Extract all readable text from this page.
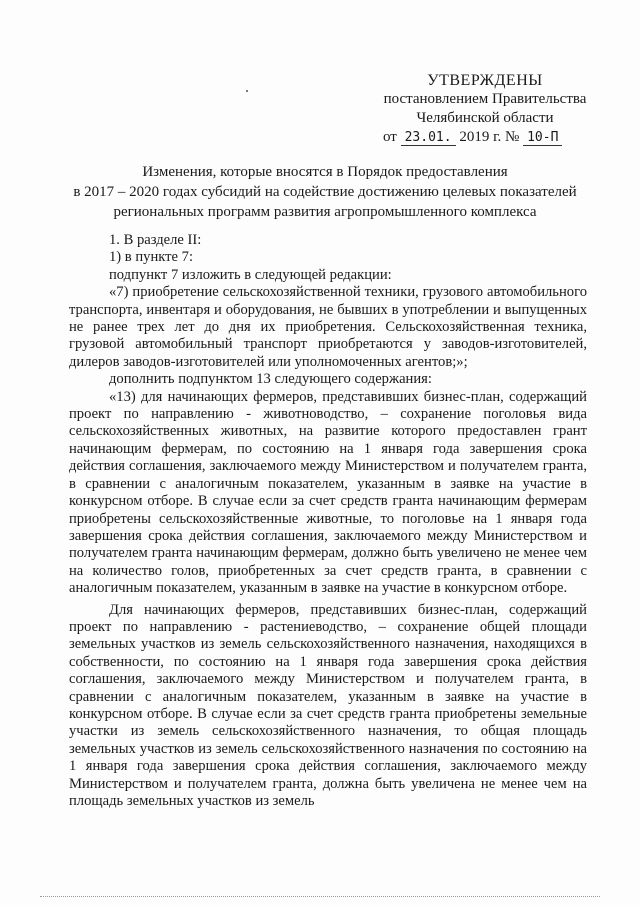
УТВЕРЖДЕНЫ
постановлением Правительства
Челябинской области
от 23.01. 2019 г. № 10-П
Изменения, которые вносятся в Порядок предоставления
в 2017 – 2020 годах субсидий на содействие достижению целевых показателей
региональных программ развития агропромышленного комплекса

1. В разделе II:

1) в пункте 7:

подпункт 7 изложить в следующей редакции:

«7) приобретение сельскохозяйственной техники, грузового автомобильного транспорта, инвентаря и оборудования, не бывших в употреблении и выпущенных не ранее трех лет до дня их приобретения. Сельскохозяйственная техника, грузовой автомобильный транспорт приобретаются у заводов-изготовителей, дилеров заводов-изготовителей или уполномоченных агентов;»;

дополнить подпунктом 13 следующего содержания:

«13) для начинающих фермеров, представивших бизнес-план, содержащий проект по направлению - животноводство, – сохранение поголовья вида сельскохозяйственных животных, на развитие которого предоставлен грант начинающим фермерам, по состоянию на 1 января года завершения срока действия соглашения, заключаемого между Министерством и получателем гранта, в сравнении с аналогичным показателем, указанным в заявке на участие в конкурсном отборе. В случае если за счет средств гранта начинающим фермерам приобретены сельскохозяйственные животные, то поголовье на 1 января года завершения срока действия соглашения, заключаемого между Министерством и получателем гранта начинающим фермерам, должно быть увеличено не менее чем на количество голов, приобретенных за счет средств гранта, в сравнении с аналогичным показателем, указанным в заявке на участие в конкурсном отборе.

Для начинающих фермеров, представивших бизнес-план, содержащий проект по направлению - растениеводство, – сохранение общей площади земельных участков из земель сельскохозяйственного назначения, находящихся в собственности, по состоянию на 1 января года завершения срока действия соглашения, заключаемого между Министерством и получателем гранта, в сравнении с аналогичным показателем, указанным в заявке на участие в конкурсном отборе. В случае если за счет средств гранта приобретены земельные участки из земель сельскохозяйственного назначения, то общая площадь земельных участков из земель сельскохозяйственного назначения по состоянию на 1 января года завершения срока действия соглашения, заключаемого между Министерством и получателем гранта, должна быть увеличена не менее чем на площадь земельных участков из земель
